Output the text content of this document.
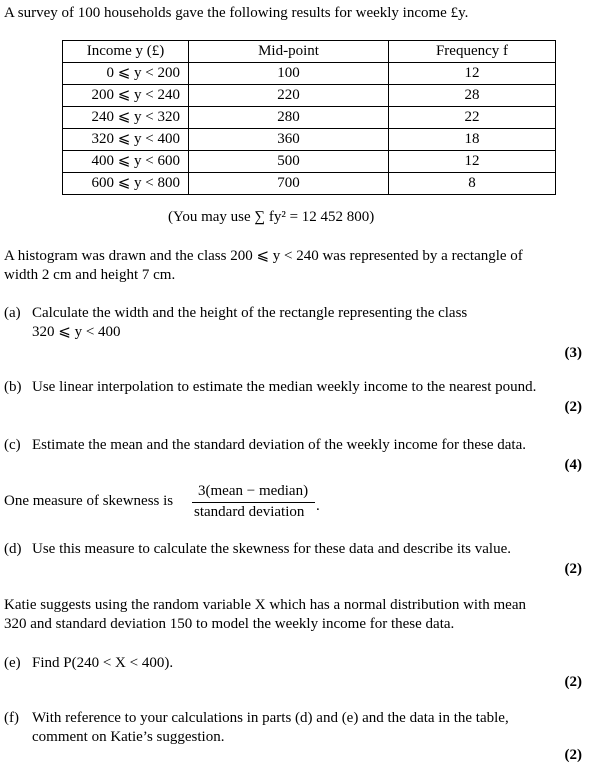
A survey of 100 households gave the following results for weekly income £y.
Income y (£)	Mid-point	Frequency f
0 ⩽ y < 200	100	12
200 ⩽ y < 240	220	28
240 ⩽ y < 320	280	22
320 ⩽ y < 400	360	18
400 ⩽ y < 600	500	12
600 ⩽ y < 800	700	8
(You may use ∑ fy² = 12 452 800)
A histogram was drawn and the class 200 ⩽ y < 240 was represented by a rectangle of
width 2 cm and height 7 cm.
(a) Calculate the width and the height of the rectangle representing the class
320 ⩽ y < 400
(3)
(b) Use linear interpolation to estimate the median weekly income to the nearest pound.
(2)
(c) Estimate the mean and the standard deviation of the weekly income for these data.
(4)
One measure of skewness is
3(mean − median)
standard deviation .
(d) Use this measure to calculate the skewness for these data and describe its value.
(2)
Katie suggests using the random variable X which has a normal distribution with mean
320 and standard deviation 150 to model the weekly income for these data.
(e) Find P(240 < X < 400).
(2)
(f) With reference to your calculations in parts (d) and (e) and the data in the table,
comment on Katie’s suggestion.
(2)
